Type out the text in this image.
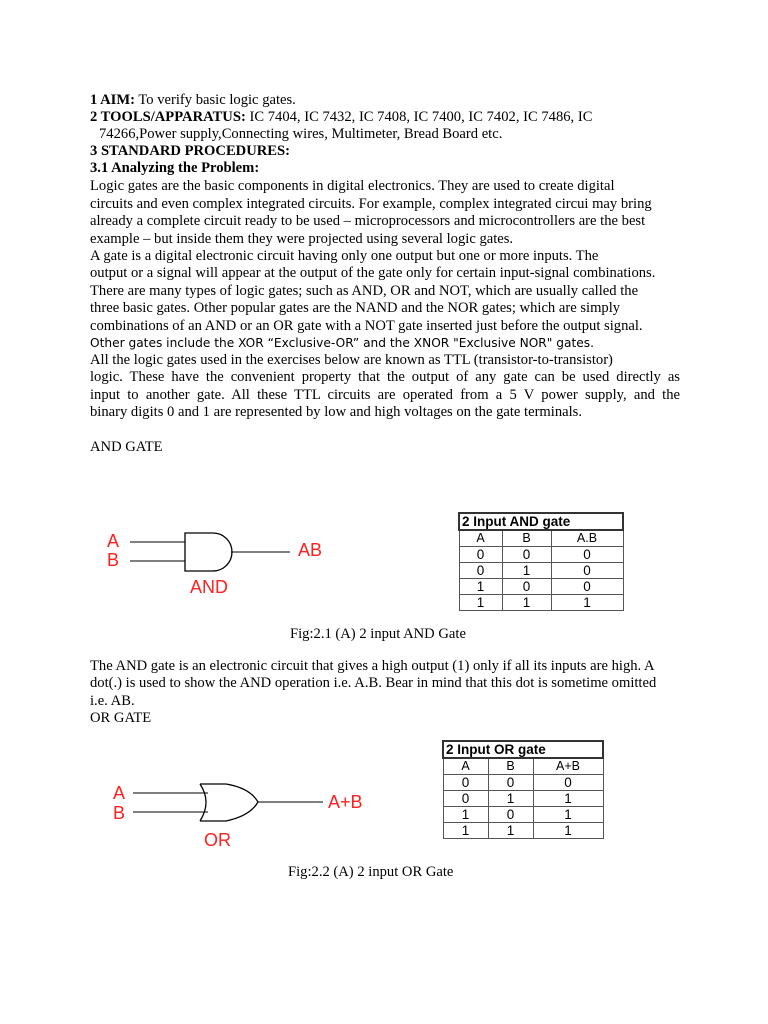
1 AIM: To verify basic logic gates.
2 TOOLS/APPARATUS: IC 7404, IC 7432, IC 7408, IC 7400, IC 7402, IC 7486, IC
74266,Power supply,Connecting wires, Multimeter, Bread Board etc.
3 STANDARD PROCEDURES:
3.1 Analyzing the Problem:
Logic gates are the basic components in digital electronics. They are used to create digital
circuits and even complex integrated circuits. For example, complex integrated circui may bring
already a complete circuit ready to be used – microprocessors and microcontrollers are the best
example – but inside them they were projected using several logic gates.
A gate is a digital electronic circuit having only one output but one or more inputs. The
output or a signal will appear at the output of the gate only for certain input-signal combinations.
There are many types of logic gates; such as AND, OR and NOT, which are usually called the
three basic gates. Other popular gates are the NAND and the NOR gates; which are simply
combinations of an AND or an OR gate with a NOT gate inserted just before the output signal.
Other gates include the XOR “Exclusive-OR” and the XNOR "Exclusive NOR" gates.
All the logic gates used in the exercises below are known as TTL (transistor-to-transistor)
logic. These have the convenient property that the output of any gate can be used directly as
input to another gate. All these TTL circuits are operated from a 5 V power supply, and the
binary digits 0 and 1 are represented by low and high voltages on the gate terminals.
AND GATE
A
B	AB
AND
2 Input AND gate		
A	B	A.B
0	0	0
0	1	0
1	0	0
1	1	1
Fig:2.1 (A) 2 input AND Gate
The AND gate is an electronic circuit that gives a high output (1) only if all its inputs are high. A
dot(.) is used to show the AND operation i.e. A.B. Bear in mind that this dot is sometime omitted
i.e. AB.
OR GATE
A
B
A+B
OR
2 Input OR gate		
A	B	A+B
0	0	0
0	1	1
1	0	1
1	1	1
Fig:2.2 (A) 2 input OR Gate
